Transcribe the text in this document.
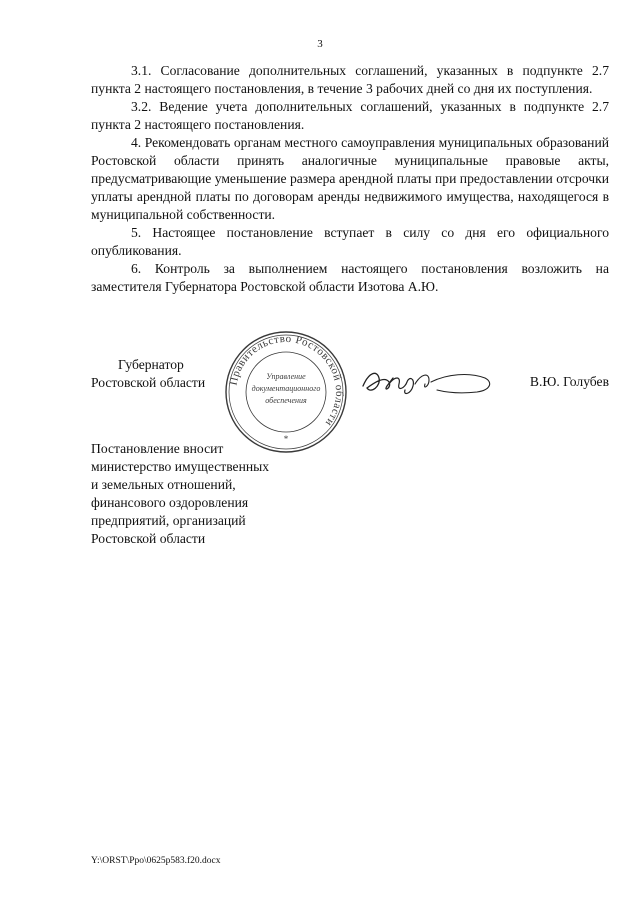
3

3.1. Согласование дополнительных соглашений, указанных в подпункте 2.7 пункта 2 настоящего постановления, в течение 3 рабочих дней со дня их поступления.

3.2. Ведение учета дополнительных соглашений, указанных в подпункте 2.7 пункта 2 настоящего постановления.

4. Рекомендовать органам местного самоуправления муниципальных образований Ростовской области принять аналогичные муниципальные правовые акты, предусматривающие уменьшение размера арендной платы при предоставлении отсрочки уплаты арендной платы по договорам аренды недвижимого имущества, находящегося в муниципальной собственности.

5. Настоящее постановление вступает в силу со дня его официального опубликования.

6. Контроль за выполнением настоящего постановления возложить на заместителя Губернатора Ростовской области Изотова А.Ю.

Губернатор
Ростовской области Правительство Ростовской области
Управление
документационного
обеспечения
*
В.Ю. Голубев
Постановление вносит
министерство имущественных
и земельных отношений,
финансового оздоровления
предприятий, организаций
Ростовской области
Y:\ORST\Ppo\0625p583.f20.docx
